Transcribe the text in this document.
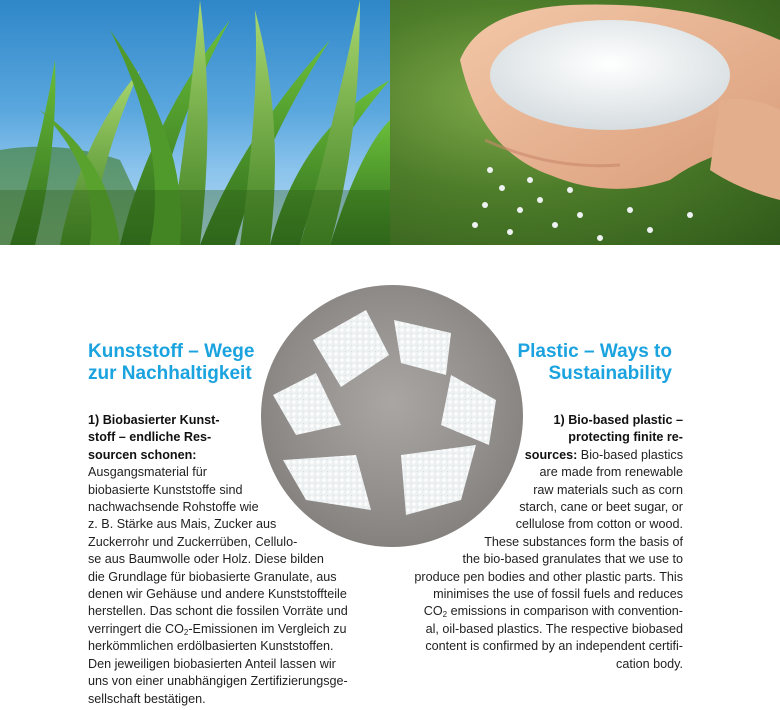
Kunststoff – Wege
zur Nachhaltigkeit
Plastic – Ways to
Sustainability
1) Biobasierter Kunst-
stoff – endliche Res-
sourcen schonen:
Ausgangsmaterial für
biobasierte Kunststoffe sind
nachwachsende Rohstoffe wie
z. B. Stärke aus Mais, Zucker aus
Zuckerrohr und Zuckerrüben, Cellulo-
se aus Baumwolle oder Holz. Diese bilden
die Grundlage für biobasierte Granulate, aus
denen wir Gehäuse und andere Kunststoffteile
herstellen. Das schont die fossilen Vorräte und
verringert die $CO_2$-Emissionen im Vergleich zu
herkömmlichen erdölbasierten Kunststoffen.
Den jeweiligen biobasierten Anteil lassen wir
uns von einer unabhängigen Zertifizierungsge-
sellschaft bestätigen.
1) Bio-based plastic –
protecting finite re-
sources: Bio-based plastics
are made from renewable
raw materials such as corn
starch, cane or beet sugar, or
cellulose from cotton or wood.
These substances form the basis of
the bio-based granulates that we use to
produce pen bodies and other plastic parts. This
minimises the use of fossil fuels and reduces
$CO_2$ emissions in comparison with convention-
al, oil-based plastics. The respective biobased
content is confirmed by an independent certifi-
cation body.
